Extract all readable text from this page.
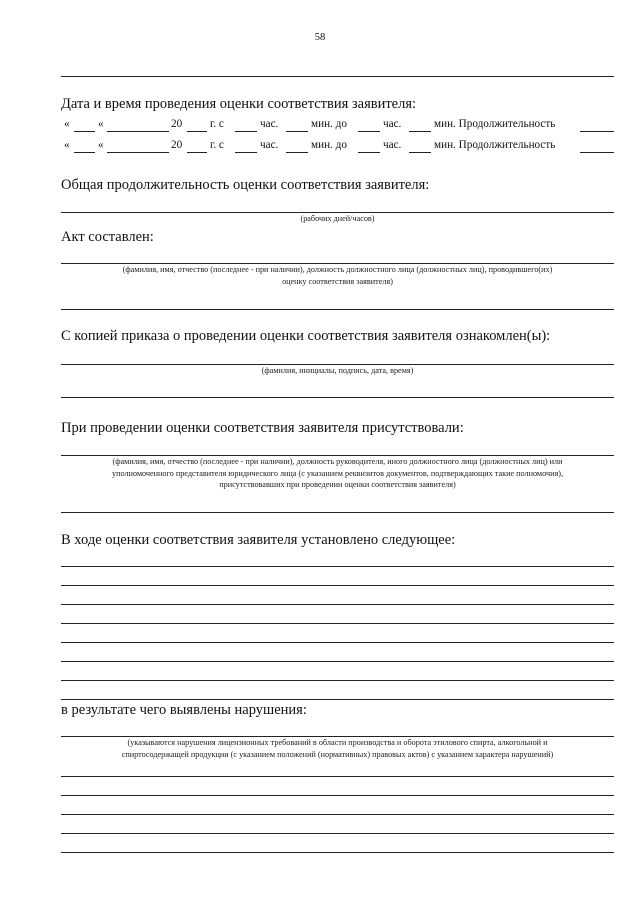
58
Дата и время проведения оценки соответствия заявителя:
«	«	20 г. с	час.	мин. до	час.	мин. Продолжительность
«	«	20 г. с	час.	мин. до	час.	мин. Продолжительность
Общая продолжительность оценки соответствия заявителя:
(рабочих дней/часов)
Акт составлен:
(фамилия, имя, отчество (последнее - при наличии), должность должностного лица (должностных лиц), проводившего(их)
оценку соответствия заявителя)
С копией приказа о проведении оценки соответствия заявителя ознакомлен(ы):
(фамилия, инициалы, подпись, дата, время)
При проведении оценки соответствия заявителя присутствовали:
(фамилия, имя, отчество (последнее - при наличии), должность руководителя, иного должностного лица (должностных лиц) или
уполномоченного представителя юридического лица (с указанием реквизитов документов, подтверждающих такие полномочия),
присутствовавших при проведении оценки соответствия заявителя)
В ходе оценки соответствия заявителя установлено следующее:
в результате чего выявлены нарушения:
(указываются нарушения лицензионных требований в области производства и оборота этилового спирта, алкогольной и
спиртосодержащей продукции (с указанием положений (нормативных) правовых актов) с указанием характера нарушений)
